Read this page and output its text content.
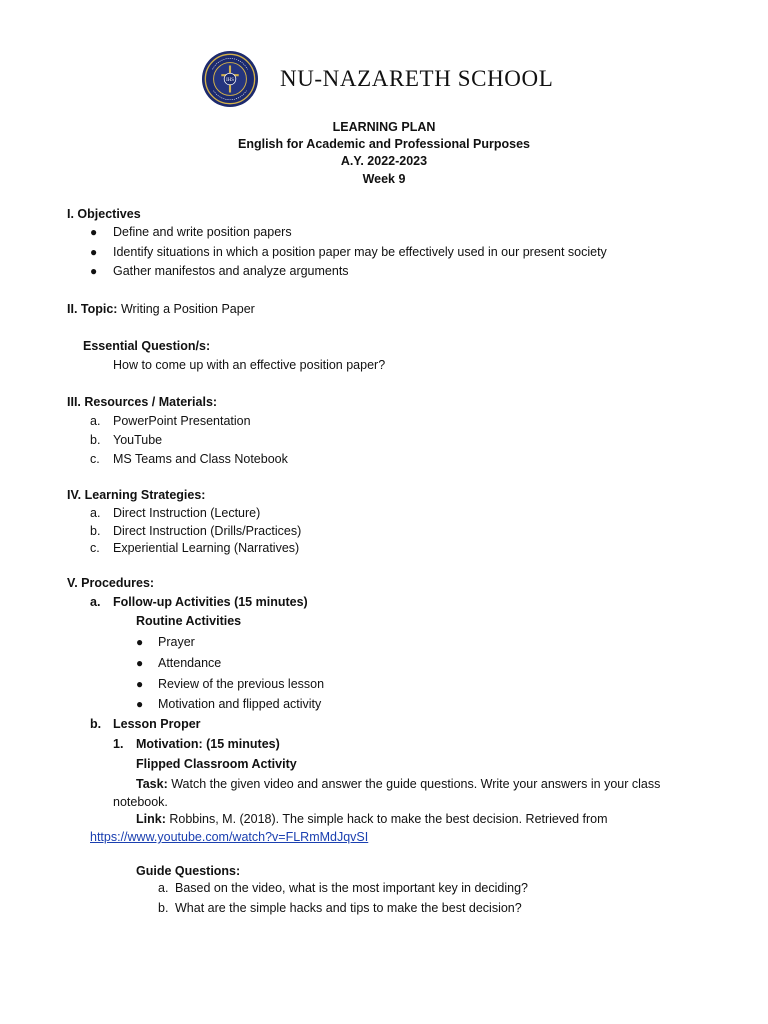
IHS NU-NAZARETH SCHOOL
LEARNING PLAN
English for Academic and Professional Purposes
A.Y. 2022-2023
Week 9
I. Objectives
● Define and write position papers
● Identify situations in which a position paper may be effectively used in our present society
● Gather manifestos and analyze arguments
II. Topic: Writing a Position Paper
Essential Question/s:
How to come up with an effective position paper?
III. Resources / Materials:
a. PowerPoint Presentation
b. YouTube
c. MS Teams and Class Notebook
IV. Learning Strategies:
a. Direct Instruction (Lecture)
b. Direct Instruction (Drills/Practices)
c. Experiential Learning (Narratives)
V. Procedures:
a. Follow-up Activities (15 minutes)
Routine Activities
● Prayer
● Attendance
● Review of the previous lesson
● Motivation and flipped activity
b. Lesson Proper
1. Motivation: (15 minutes)
Flipped Classroom Activity
Task: Watch the given video and answer the guide questions. Write your answers in your class
notebook.
Link: Robbins, M. (2018). The simple hack to make the best decision. Retrieved from
https://www.youtube.com/watch?v=FLRmMdJqvSI
Guide Questions:
a. Based on the video, what is the most important key in deciding?
b. What are the simple hacks and tips to make the best decision?
